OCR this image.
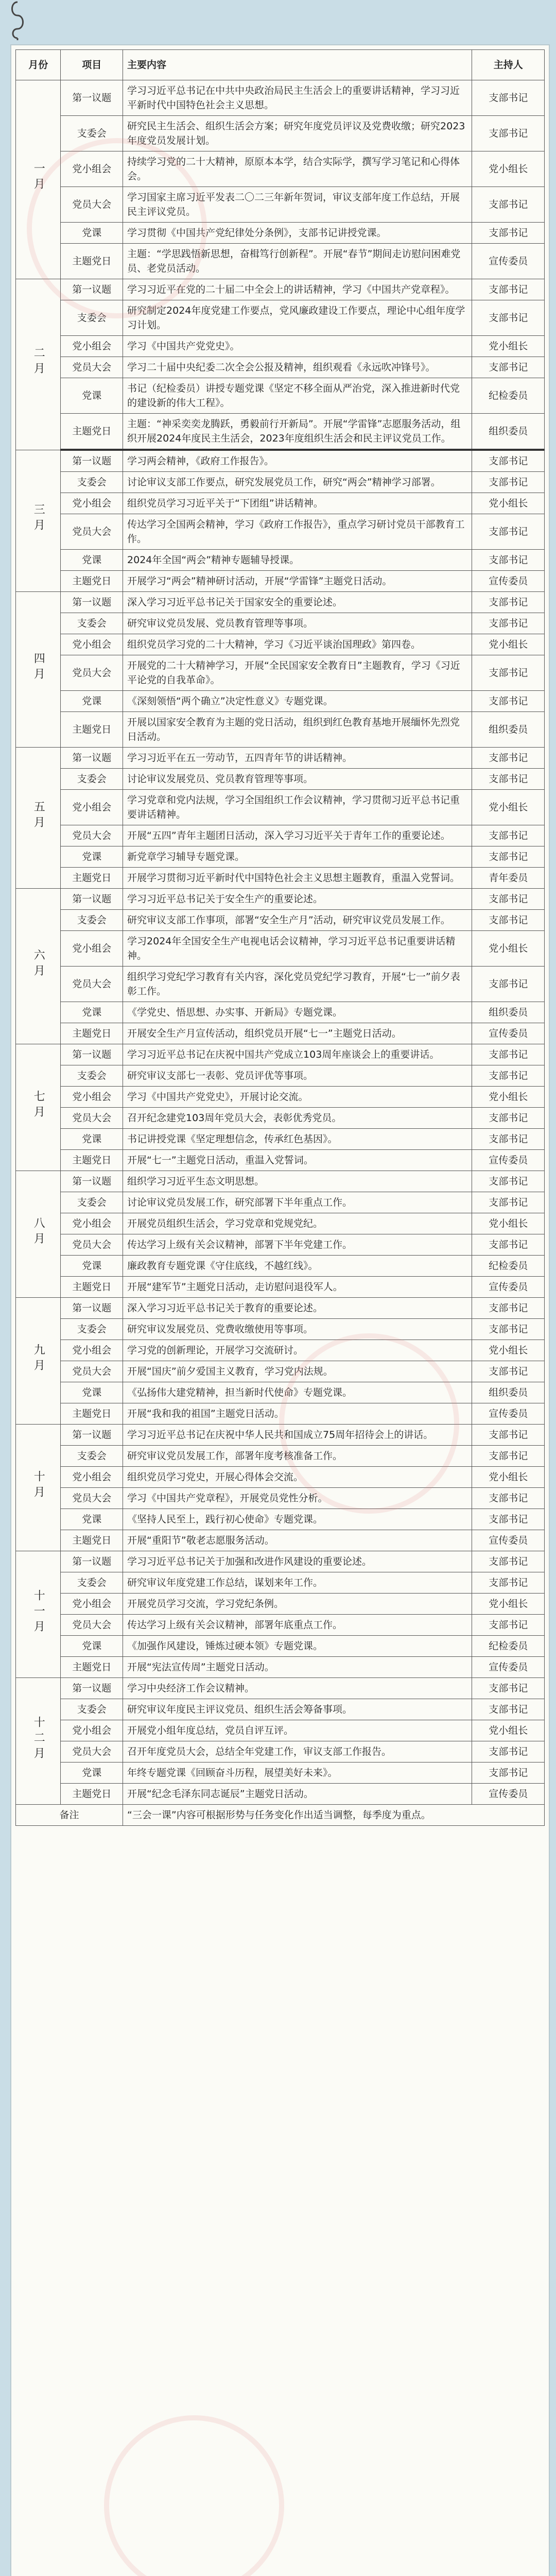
月份	项目	主要内容	主持人
一月	第一议题	学习习近平总书记在中共中央政治局民主生活会上的重要讲话精神，学习习近平新时代中国特色社会主义思想。	支部书记
	支委会	研究民主生活会、组织生活会方案；研究年度党员评议及党费收缴；研究2023年度党员发展计划。	支部书记
	党小组会	持续学习党的二十大精神，原原本本学，结合实际学，撰写学习笔记和心得体会。	党小组长
	党员大会	学习国家主席习近平发表二〇二三年新年贺词，审议支部年度工作总结，开展民主评议党员。	支部书记
	党课	学习贯彻《中国共产党纪律处分条例》，支部书记讲授党课。	支部书记
	主题党日	主题：“学思践悟新思想，奋楫笃行创新程”。开展“春节”期间走访慰问困难党员、老党员活动。	宣传委员
二月	第一议题	学习习近平在党的二十届二中全会上的讲话精神，学习《中国共产党章程》。	支部书记
	支委会	研究制定2024年度党建工作要点，党风廉政建设工作要点，理论中心组年度学习计划。	支部书记
	党小组会	学习《中国共产党党史》。	党小组长
	党员大会	学习二十届中央纪委二次全会公报及精神，组织观看《永远吹冲锋号》。	支部书记
	党课	书记（纪检委员）讲授专题党课《坚定不移全面从严治党，深入推进新时代党的建设新的伟大工程》。	纪检委员
	主题党日	主题：“神采奕奕龙腾跃，勇毅前行开新局”。开展“学雷锋”志愿服务活动，组织开展2024年度民主生活会，2023年度组织生活会和民主评议党员工作。	组织委员
三月	第一议题	学习两会精神，《政府工作报告》。	支部书记
	支委会	讨论审议支部工作要点，研究发展党员工作，研究“两会”精神学习部署。	支部书记
	党小组会	组织党员学习习近平关于“下团组”讲话精神。	党小组长
	党员大会	传达学习全国两会精神，学习《政府工作报告》，重点学习研讨党员干部教育工作。	支部书记
	党课	2024年全国“两会”精神专题辅导授课。	支部书记
	主题党日	开展学习“两会”精神研讨活动，开展“学雷锋”主题党日活动。	宣传委员
四月	第一议题	深入学习习近平总书记关于国家安全的重要论述。	支部书记
	支委会	研究审议党员发展、党员教育管理等事项。	支部书记
	党小组会	组织党员学习党的二十大精神，学习《习近平谈治国理政》第四卷。	党小组长
	党员大会	开展党的二十大精神学习，开展“全民国家安全教育日”主题教育，学习《习近平论党的自我革命》。	支部书记
	党课	《深刻领悟“两个确立”决定性意义》专题党课。	支部书记
	主题党日	开展以国家安全教育为主题的党日活动，组织到红色教育基地开展缅怀先烈党日活动。	组织委员
五月	第一议题	学习习近平在五一劳动节，五四青年节的讲话精神。	支部书记
	支委会	讨论审议发展党员、党员教育管理等事项。	支部书记
	党小组会	学习党章和党内法规，学习全国组织工作会议精神，学习贯彻习近平总书记重要讲话精神。	党小组长
	党员大会	开展“五四”青年主题团日活动，深入学习习近平关于青年工作的重要论述。	支部书记
	党课	新党章学习辅导专题党课。	支部书记
	主题党日	开展学习贯彻习近平新时代中国特色社会主义思想主题教育，重温入党誓词。	青年委员
六月	第一议题	学习习近平总书记关于安全生产的重要论述。	支部书记
	支委会	研究审议支部工作事项，部署“安全生产月”活动，研究审议党员发展工作。	支部书记
	党小组会	学习2024年全国安全生产电视电话会议精神，学习习近平总书记重要讲话精神。	党小组长
	党员大会	组织学习党纪学习教育有关内容，深化党员党纪学习教育，开展“七一”前夕表彰工作。	支部书记
	党课	《学党史、悟思想、办实事、开新局》专题党课。	组织委员
	主题党日	开展安全生产月宣传活动，组织党员开展“七一”主题党日活动。	宣传委员
七月	第一议题	学习习近平总书记在庆祝中国共产党成立103周年座谈会上的重要讲话。	支部书记
	支委会	研究审议支部七一表彰、党员评优等事项。	支部书记
	党小组会	学习《中国共产党党史》，开展讨论交流。	党小组长
	党员大会	召开纪念建党103周年党员大会，表彰优秀党员。	支部书记
	党课	书记讲授党课《坚定理想信念，传承红色基因》。	支部书记
	主题党日	开展“七一”主题党日活动，重温入党誓词。	宣传委员
八月	第一议题	组织学习习近平生态文明思想。	支部书记
	支委会	讨论审议党员发展工作，研究部署下半年重点工作。	支部书记
	党小组会	开展党员组织生活会，学习党章和党规党纪。	党小组长
	党员大会	传达学习上级有关会议精神，部署下半年党建工作。	支部书记
	党课	廉政教育专题党课《守住底线，不越红线》。	纪检委员
	主题党日	开展“建军节”主题党日活动，走访慰问退役军人。	宣传委员
九月	第一议题	深入学习习近平总书记关于教育的重要论述。	支部书记
	支委会	研究审议发展党员、党费收缴使用等事项。	支部书记
	党小组会	学习党的创新理论，开展学习交流研讨。	党小组长
	党员大会	开展“国庆”前夕爱国主义教育，学习党内法规。	支部书记
	党课	《弘扬伟大建党精神，担当新时代使命》专题党课。	组织委员
	主题党日	开展“我和我的祖国”主题党日活动。	宣传委员
十月	第一议题	学习习近平总书记在庆祝中华人民共和国成立75周年招待会上的讲话。	支部书记
	支委会	研究审议党员发展工作，部署年度考核准备工作。	支部书记
	党小组会	组织党员学习党史，开展心得体会交流。	党小组长
	党员大会	学习《中国共产党章程》，开展党员党性分析。	支部书记
	党课	《坚持人民至上，践行初心使命》专题党课。	支部书记
	主题党日	开展“重阳节”敬老志愿服务活动。	宣传委员
十一月	第一议题	学习习近平总书记关于加强和改进作风建设的重要论述。	支部书记
	支委会	研究审议年度党建工作总结，谋划来年工作。	支部书记
	党小组会	开展党员学习交流，学习党纪条例。	党小组长
	党员大会	传达学习上级有关会议精神，部署年底重点工作。	支部书记
	党课	《加强作风建设，锤炼过硬本领》专题党课。	纪检委员
	主题党日	开展“宪法宣传周”主题党日活动。	宣传委员
十二月	第一议题	学习中央经济工作会议精神。	支部书记
	支委会	研究审议年度民主评议党员、组织生活会筹备事项。	支部书记
	党小组会	开展党小组年度总结，党员自评互评。	党小组长
	党员大会	召开年度党员大会，总结全年党建工作，审议支部工作报告。	支部书记
	党课	年终专题党课《回顾奋斗历程，展望美好未来》。	支部书记
	主题党日	开展“纪念毛泽东同志诞辰”主题党日活动。	宣传委员
备注		“三会一课”内容可根据形势与任务变化作出适当调整，每季度为重点。	
